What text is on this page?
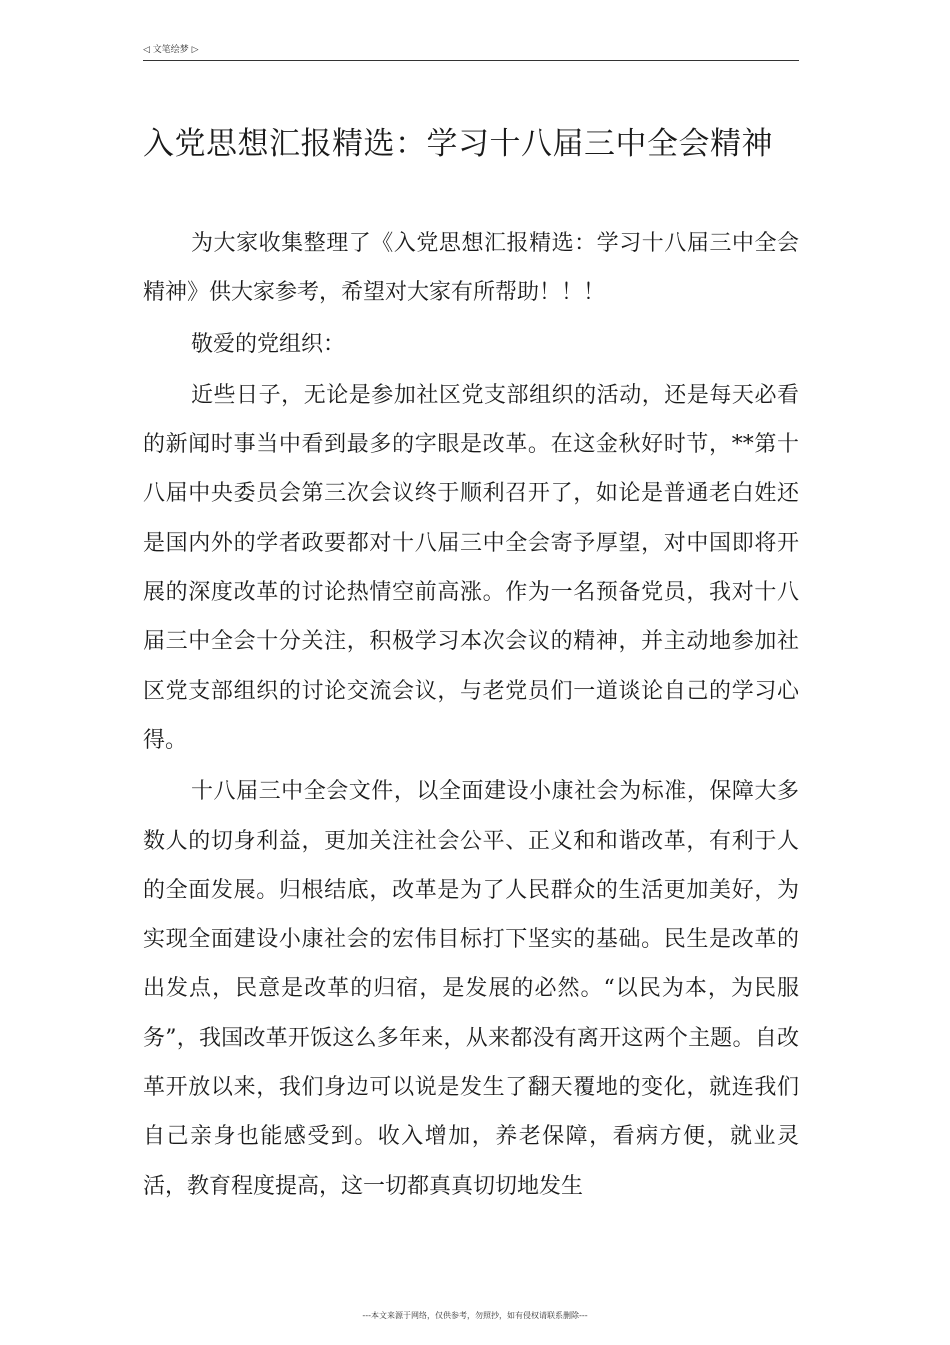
◁ 文笔绘梦 ▷
入党思想汇报精选：学习十八届三中全会精神

为大家收集整理了《入党思想汇报精选：学习十八届三中全会精神》供大家参考，希望对大家有所帮助！！！

敬爱的党组织：

近些日子，无论是参加社区党支部组织的活动，还是每天必看的新闻时事当中看到最多的字眼是改革。在这金秋好时节，**第十八届中央委员会第三次会议终于顺利召开了，如论是普通老白姓还是国内外的学者政要都对十八届三中全会寄予厚望，对中国即将开展的深度改革的讨论热情空前高涨。作为一名预备党员，我对十八届三中全会十分关注，积极学习本次会议的精神，并主动地参加社区党支部组织的讨论交流会议，与老党员们一道谈论自己的学习心得。

十八届三中全会文件，以全面建设小康社会为标准，保障大多数人的切身利益，更加关注社会公平、正义和和谐改革，有利于人的全面发展。归根结底，改革是为了人民群众的生活更加美好，为实现全面建设小康社会的宏伟目标打下坚实的基础。民生是改革的出发点，民意是改革的归宿，是发展的必然。“以民为本，为民服务”，我国改革开饭这么多年来，从来都没有离开这两个主题。自改革开放以来，我们身边可以说是发生了翻天覆地的变化，就连我们自己亲身也能感受到。收入增加，养老保障，看病方便，就业灵活，教育程度提高，这一切都真真切切地发生

---本文来源于网络，仅供参考，勿照抄，如有侵权请联系删除---
